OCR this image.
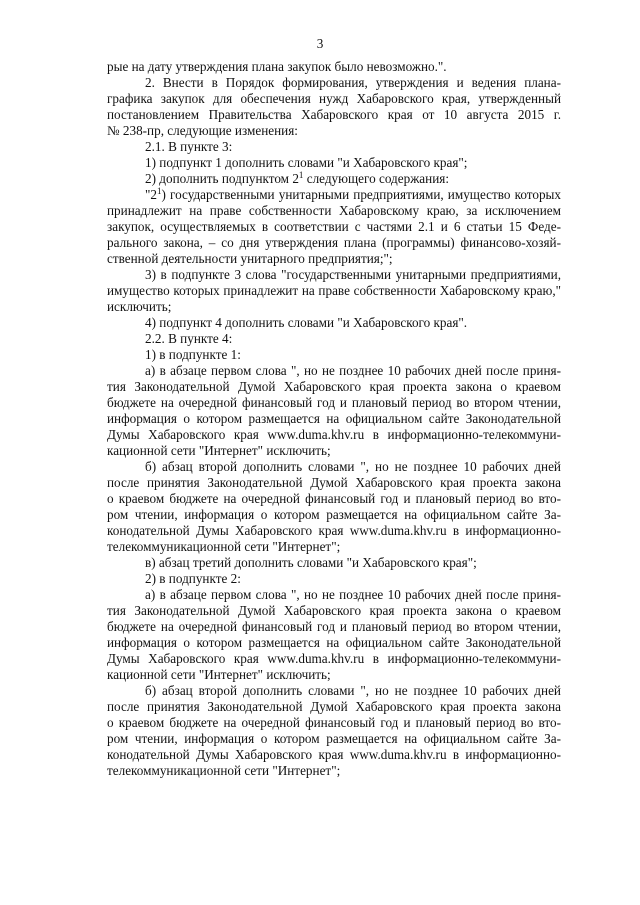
3
рые на дату утверждения плана закупок было невозможно.".
2. Внести в Порядок формирования, утверждения и ведения плана-
графика закупок для обеспечения нужд Хабаровского края, утвержденный
постановлением Правительства Хабаровского края от 10 августа 2015 г.
№ 238-пр, следующие изменения:
2.1. В пункте 3:
1) подпункт 1 дополнить словами "и Хабаровского края";
2) дополнить подпунктом $2^1$ следующего содержания:
"$2^1$) государственными унитарными предприятиями, имущество которых
принадлежит на праве собственности Хабаровскому краю, за исключением
закупок, осуществляемых в соответствии с частями 2.1 и 6 статьи 15 Феде-
рального закона, – со дня утверждения плана (программы) финансово-хозяй-
ственной деятельности унитарного предприятия;";
3) в подпункте 3 слова "государственными унитарными предприятиями,
имущество которых принадлежит на праве собственности Хабаровскому краю,"
исключить;
4) подпункт 4 дополнить словами "и Хабаровского края".
2.2. В пункте 4:
1) в подпункте 1:
а) в абзаце первом слова ", но не позднее 10 рабочих дней после приня-
тия Законодательной Думой Хабаровского края проекта закона о краевом
бюджете на очередной финансовый год и плановый период во втором чтении,
информация о котором размещается на официальном сайте Законодательной
Думы Хабаровского края www.duma.khv.ru в информационно-телекоммуни-
кационной сети "Интернет" исключить;
б) абзац второй дополнить словами ", но не позднее 10 рабочих дней
после принятия Законодательной Думой Хабаровского края проекта закона
о краевом бюджете на очередной финансовый год и плановый период во вто-
ром чтении, информация о котором размещается на официальном сайте За-
конодательной Думы Хабаровского края www.duma.khv.ru в информационно-
телекоммуникационной сети "Интернет";
в) абзац третий дополнить словами "и Хабаровского края";
2) в подпункте 2:
а) в абзаце первом слова ", но не позднее 10 рабочих дней после приня-
тия Законодательной Думой Хабаровского края проекта закона о краевом
бюджете на очередной финансовый год и плановый период во втором чтении,
информация о котором размещается на официальном сайте Законодательной
Думы Хабаровского края www.duma.khv.ru в информационно-телекоммуни-
кационной сети "Интернет" исключить;
б) абзац второй дополнить словами ", но не позднее 10 рабочих дней
после принятия Законодательной Думой Хабаровского края проекта закона
о краевом бюджете на очередной финансовый год и плановый период во вто-
ром чтении, информация о котором размещается на официальном сайте За-
конодательной Думы Хабаровского края www.duma.khv.ru в информационно-
телекоммуникационной сети "Интернет";
